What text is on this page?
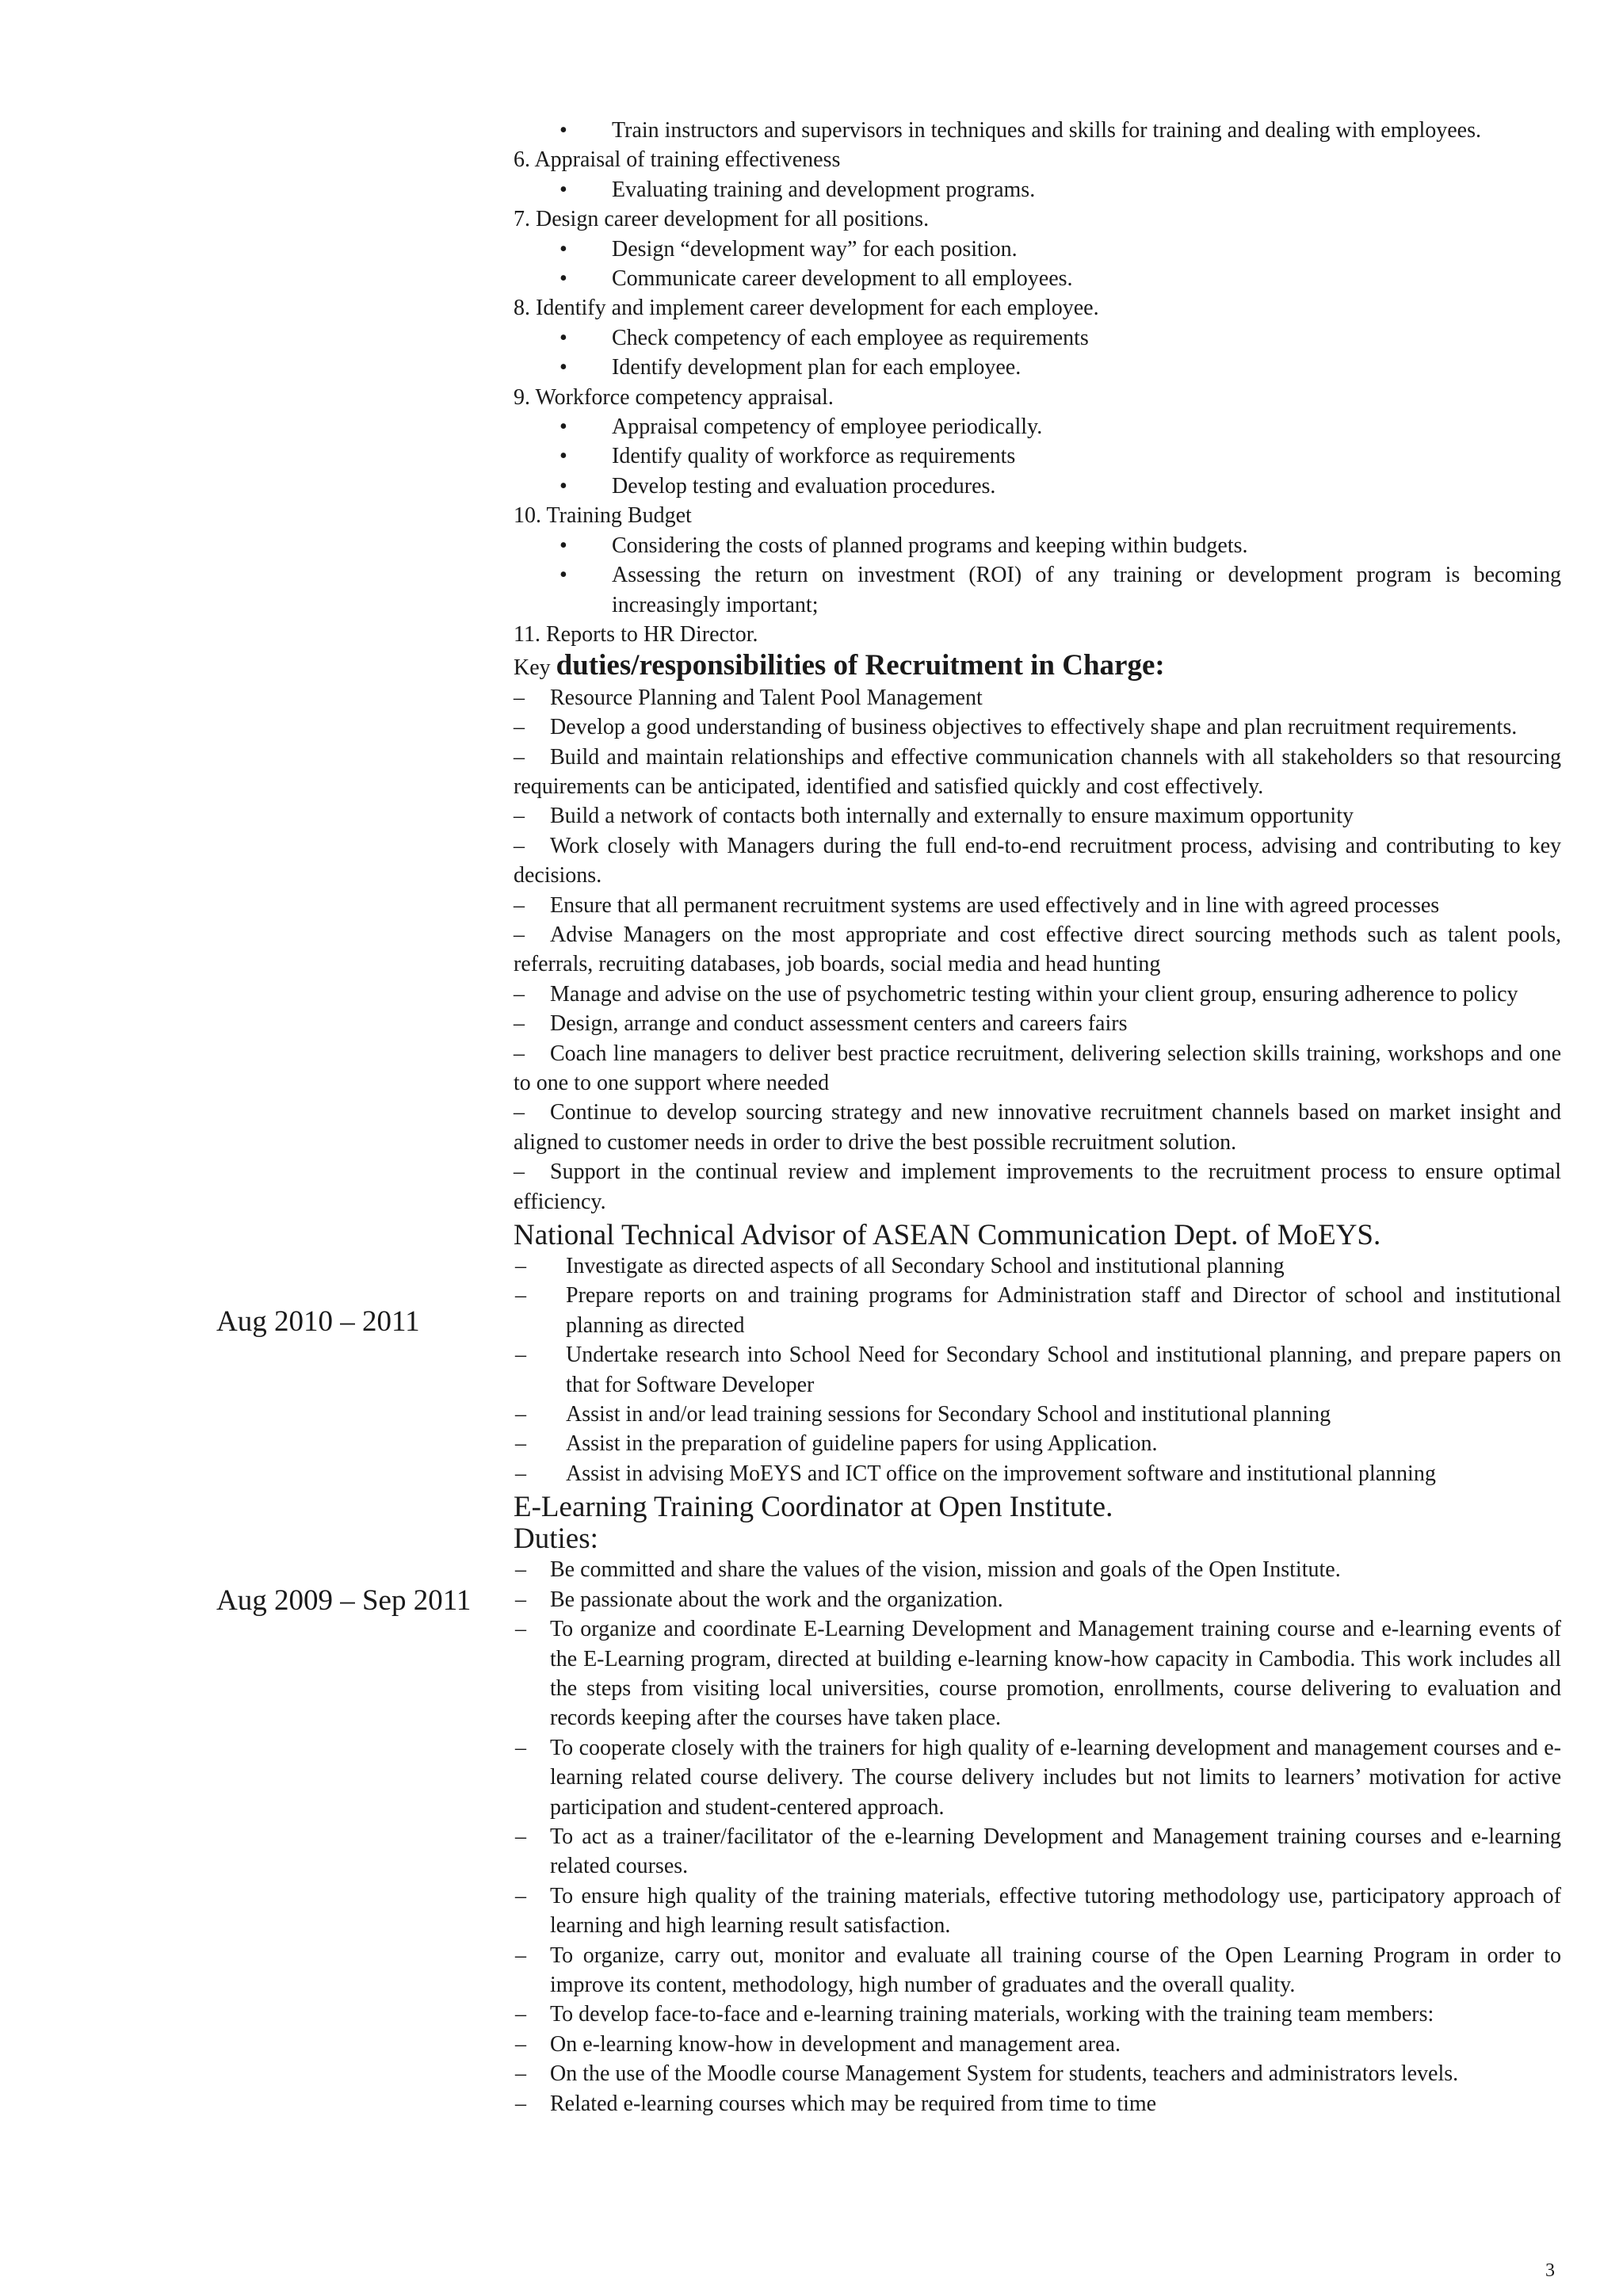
Aug 2010 – 2011
Aug 2009 – Sep 2011
• Train instructors and supervisors in techniques and skills for training and dealing with employees.
6. Appraisal of training effectiveness
• Evaluating training and development programs.
7. Design career development for all positions.
• Design “development way” for each position.
• Communicate career development to all employees.
8. Identify and implement career development for each employee.
• Check competency of each employee as requirements
• Identify development plan for each employee.
9. Workforce competency appraisal.
• Appraisal competency of employee periodically.
• Identify quality of workforce as requirements
• Develop testing and evaluation procedures.
10. Training Budget
• Considering the costs of planned programs and keeping within budgets.
• Assessing the return on investment (ROI) of any training or development program is becoming increasingly important;
11. Reports to HR Director.
Key duties/responsibilities of Recruitment in Charge:
– Resource Planning and Talent Pool Management
– Develop a good understanding of business objectives to effectively shape and plan recruitment requirements.
– Build and maintain relationships and effective communication channels with all stakeholders so that resourcing requirements can be anticipated, identified and satisfied quickly and cost effectively.
– Build a network of contacts both internally and externally to ensure maximum opportunity
– Work closely with Managers during the full end-to-end recruitment process, advising and contributing to key decisions.
– Ensure that all permanent recruitment systems are used effectively and in line with agreed processes
– Advise Managers on the most appropriate and cost effective direct sourcing methods such as talent pools, referrals, recruiting databases, job boards, social media and head hunting
– Manage and advise on the use of psychometric testing within your client group, ensuring adherence to policy
– Design, arrange and conduct assessment centers and careers fairs
– Coach line managers to deliver best practice recruitment, delivering selection skills training, workshops and one to one to one support where needed
– Continue to develop sourcing strategy and new innovative recruitment channels based on market insight and aligned to customer needs in order to drive the best possible recruitment solution.
– Support in the continual review and implement improvements to the recruitment process to ensure optimal efficiency.
National Technical Advisor of ASEAN Communication Dept. of MoEYS.
– Investigate as directed aspects of all Secondary School and institutional planning
– Prepare reports on and training programs for Administration staff and Director of school and institutional planning as directed
– Undertake research into School Need for Secondary School and institutional planning, and prepare papers on that for Software Developer
– Assist in and/or lead training sessions for Secondary School and institutional planning
– Assist in the preparation of guideline papers for using Application.
– Assist in advising MoEYS and ICT office on the improvement software and institutional planning
E-Learning Training Coordinator at Open Institute.
Duties:
– Be committed and share the values of the vision, mission and goals of the Open Institute.
– Be passionate about the work and the organization.
– To organize and coordinate E-Learning Development and Management training course and e-learning events of the E-Learning program, directed at building e-learning know-how capacity in Cambodia. This work includes all the steps from visiting local universities, course promotion, enrollments, course delivering to evaluation and records keeping after the courses have taken place.
– To cooperate closely with the trainers for high quality of e-learning development and management courses and e-learning related course delivery. The course delivery includes but not limits to learners’ motivation for active participation and student-centered approach.
– To act as a trainer/facilitator of the e-learning Development and Management training courses and e-learning related courses.
– To ensure high quality of the training materials, effective tutoring methodology use, participatory approach of learning and high learning result satisfaction.
– To organize, carry out, monitor and evaluate all training course of the Open Learning Program in order to improve its content, methodology, high number of graduates and the overall quality.
– To develop face-to-face and e-learning training materials, working with the training team members:
– On e-learning know-how in development and management area.
– On the use of the Moodle course Management System for students, teachers and administrators levels.
– Related e-learning courses which may be required from time to time
3
